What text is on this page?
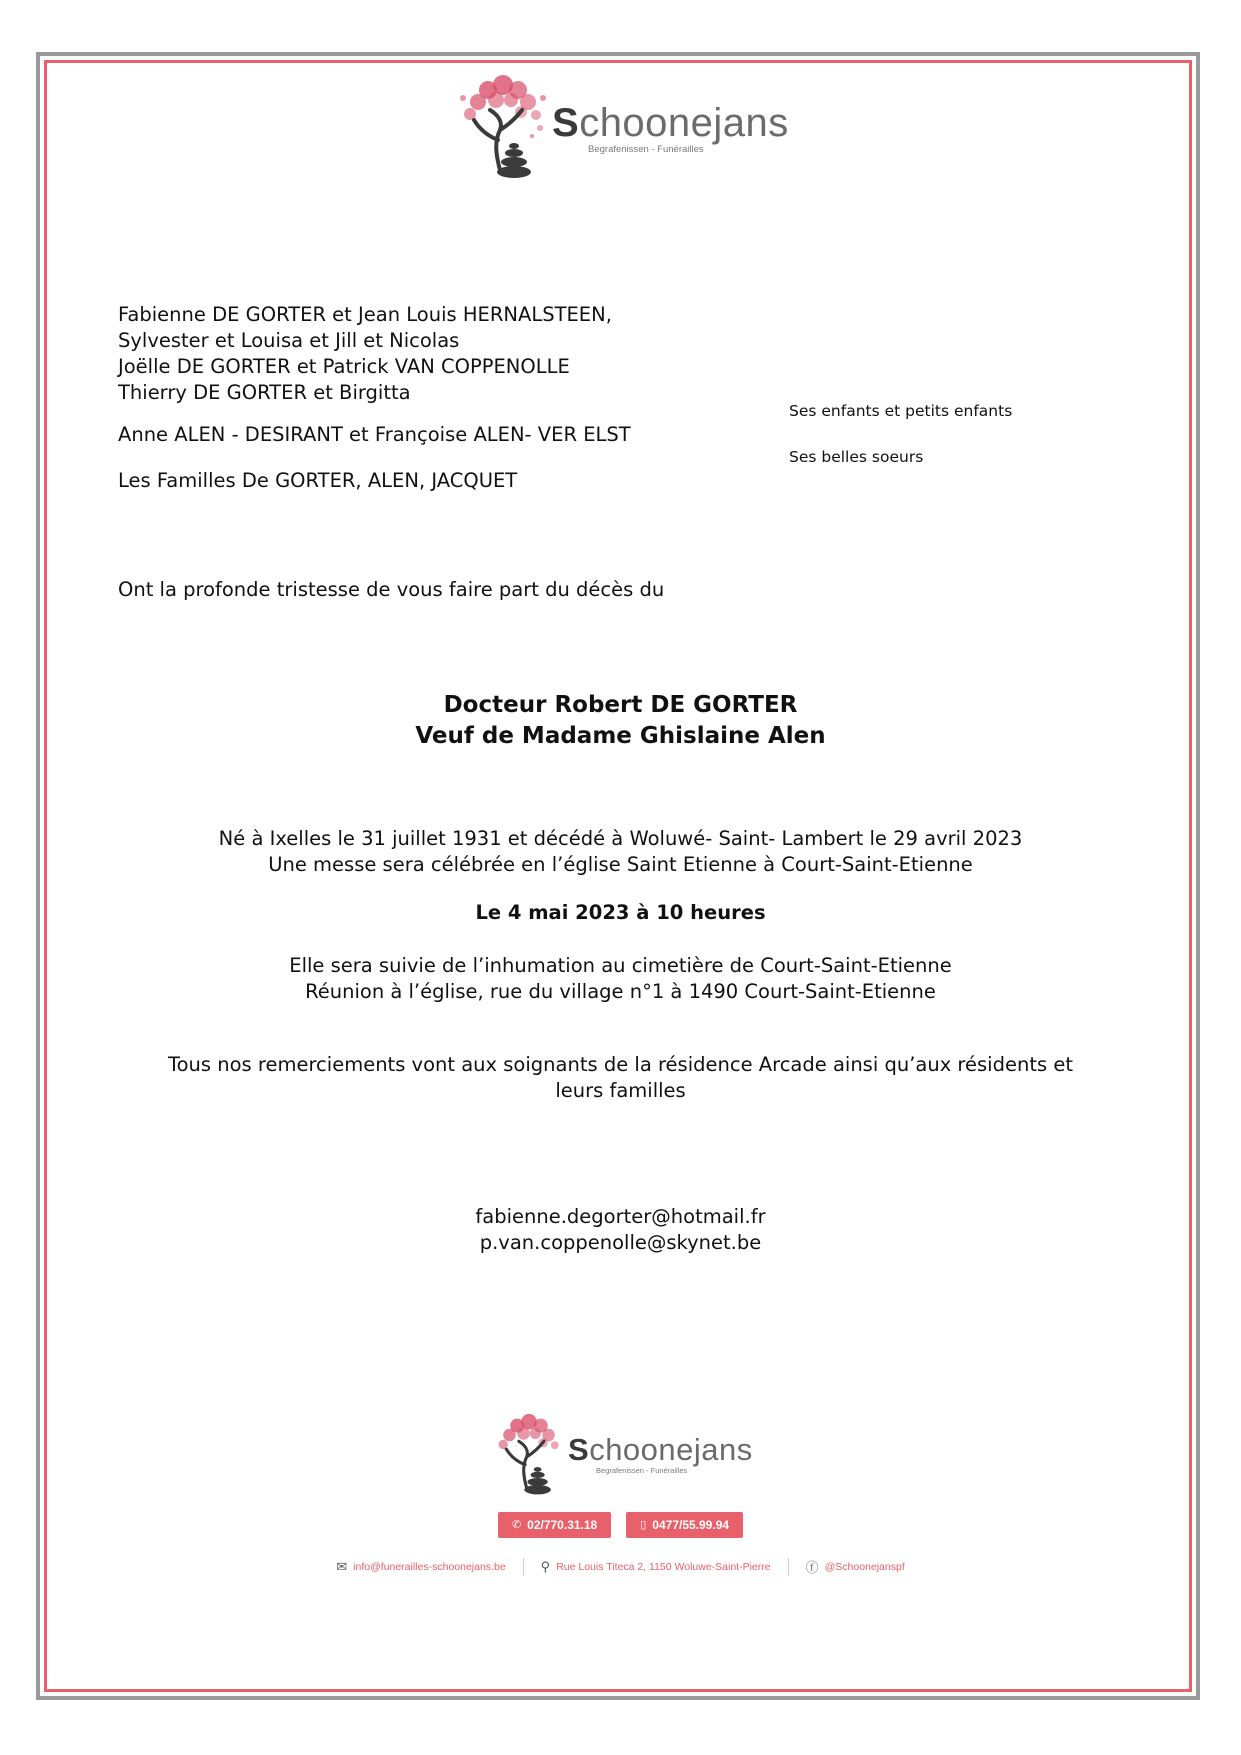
Schoonejans
Begrafenissen - Funérailles
Fabienne DE GORTER et Jean Louis HERNALSTEEN,
Sylvester et Louisa et Jill et Nicolas
Joëlle DE GORTER et Patrick VAN COPPENOLLE
Thierry DE GORTER et Birgitta
Anne ALEN - DESIRANT et Françoise ALEN- VER ELST
Les Familles De GORTER, ALEN, JACQUET
Ses enfants et petits enfants
Ses belles soeurs
Ont la profonde tristesse de vous faire part du décès du
Docteur Robert DE GORTER
Veuf de Madame Ghislaine Alen
Né à Ixelles le 31 juillet 1931 et décédé à Woluwé- Saint- Lambert le 29 avril 2023
Une messe sera célébrée en l’église Saint Etienne à Court-Saint-Etienne
Le 4 mai 2023 à 10 heures
Elle sera suivie de l’inhumation au cimetière de Court-Saint-Etienne
Réunion à l’église, rue du village n°1 à 1490 Court-Saint-Etienne
Tous nos remerciements vont aux soignants de la résidence Arcade ainsi qu’aux résidents et
leurs familles
fabienne.degorter@hotmail.fr
p.van.coppenolle@skynet.be
Schoonejans
Begrafenissen - Funérailles
✆ 02/770.31.18	▯ 0477/55.99.94
✉ info@funerailles-schoonejans.be	⚲ Rue Louis Titeca 2, 1150 Woluwe-Saint-Pierre	ⓕ @Schoonejanspf
